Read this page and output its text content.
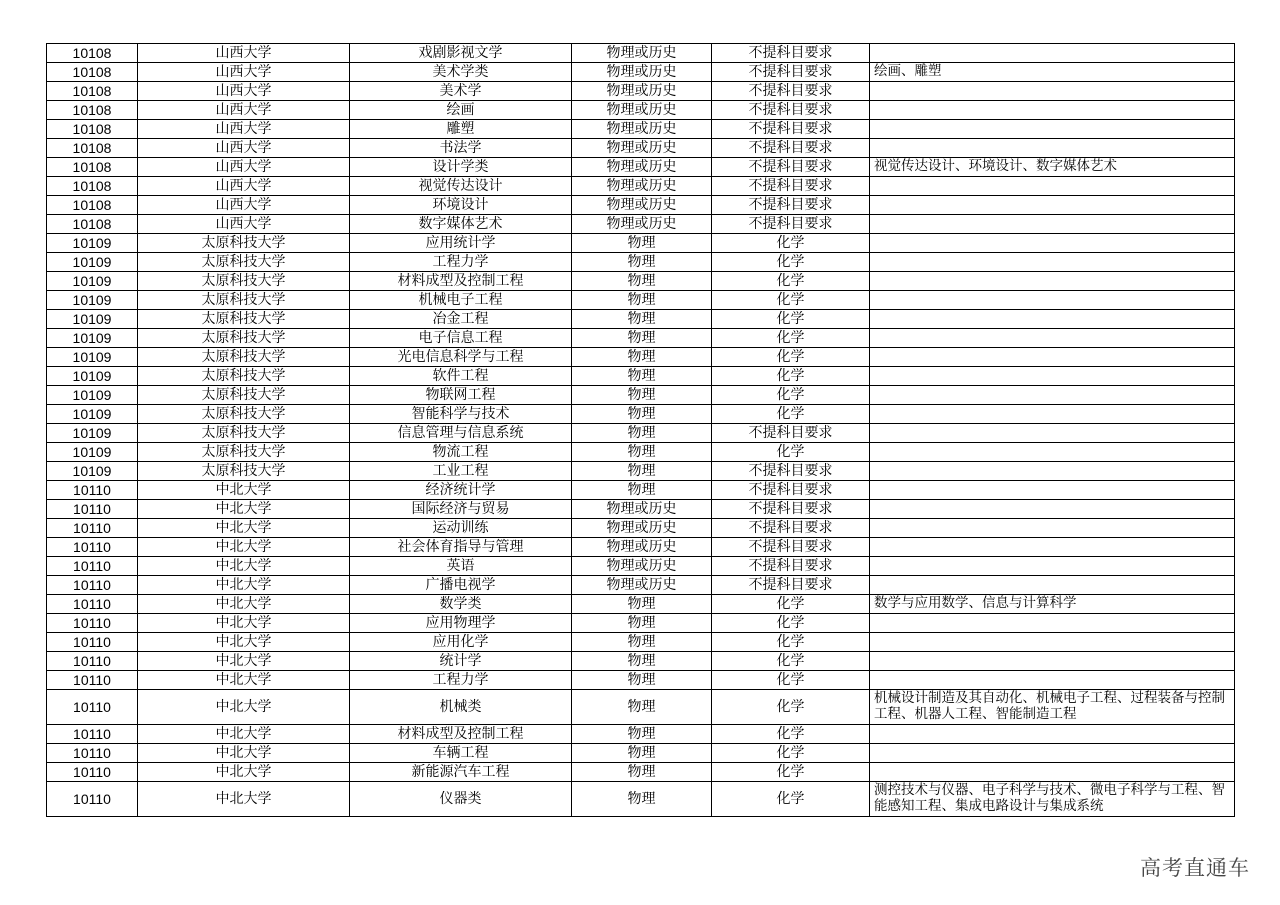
10108	山西大学	戏剧影视文学	物理或历史	不提科目要求	
10108	山西大学	美术学类	物理或历史	不提科目要求	绘画、雕塑
10108	山西大学	美术学	物理或历史	不提科目要求	
10108	山西大学	绘画	物理或历史	不提科目要求	
10108	山西大学	雕塑	物理或历史	不提科目要求	
10108	山西大学	书法学	物理或历史	不提科目要求	
10108	山西大学	设计学类	物理或历史	不提科目要求	视觉传达设计、环境设计、数字媒体艺术
10108	山西大学	视觉传达设计	物理或历史	不提科目要求	
10108	山西大学	环境设计	物理或历史	不提科目要求	
10108	山西大学	数字媒体艺术	物理或历史	不提科目要求	
10109	太原科技大学	应用统计学	物理	化学	
10109	太原科技大学	工程力学	物理	化学	
10109	太原科技大学	材料成型及控制工程	物理	化学	
10109	太原科技大学	机械电子工程	物理	化学	
10109	太原科技大学	冶金工程	物理	化学	
10109	太原科技大学	电子信息工程	物理	化学	
10109	太原科技大学	光电信息科学与工程	物理	化学	
10109	太原科技大学	软件工程	物理	化学	
10109	太原科技大学	物联网工程	物理	化学	
10109	太原科技大学	智能科学与技术	物理	化学	
10109	太原科技大学	信息管理与信息系统	物理	不提科目要求	
10109	太原科技大学	物流工程	物理	化学	
10109	太原科技大学	工业工程	物理	不提科目要求	
10110	中北大学	经济统计学	物理	不提科目要求	
10110	中北大学	国际经济与贸易	物理或历史	不提科目要求	
10110	中北大学	运动训练	物理或历史	不提科目要求	
10110	中北大学	社会体育指导与管理	物理或历史	不提科目要求	
10110	中北大学	英语	物理或历史	不提科目要求	
10110	中北大学	广播电视学	物理或历史	不提科目要求	
10110	中北大学	数学类	物理	化学	数学与应用数学、信息与计算科学
10110	中北大学	应用物理学	物理	化学	
10110	中北大学	应用化学	物理	化学	
10110	中北大学	统计学	物理	化学	
10110	中北大学	工程力学	物理	化学	
10110	中北大学	机械类	物理	化学	机械设计制造及其自动化、机械电子工程、过程装备与控制工程、机器人工程、智能制造工程
10110	中北大学	材料成型及控制工程	物理	化学	
10110	中北大学	车辆工程	物理	化学	
10110	中北大学	新能源汽车工程	物理	化学	
10110	中北大学	仪器类	物理	化学	测控技术与仪器、电子科学与技术、微电子科学与工程、智能感知工程、集成电路设计与集成系统
高考直通车
